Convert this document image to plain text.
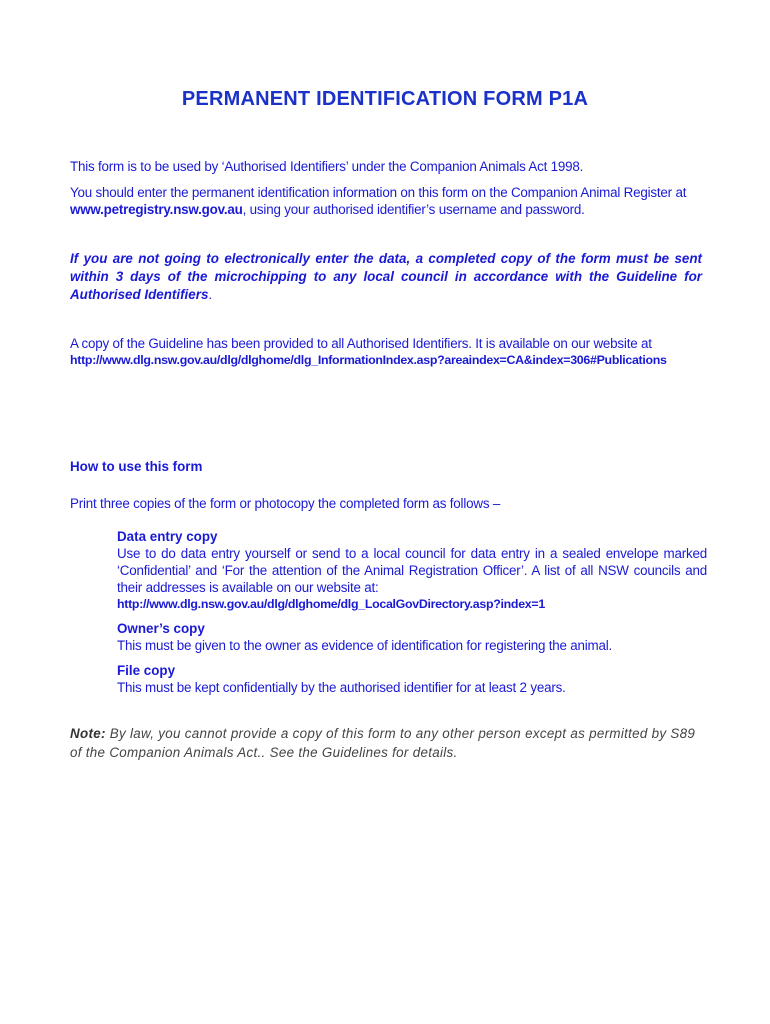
PERMANENT IDENTIFICATION FORM P1A
This form is to be used by ‘Authorised Identifiers’ under the Companion Animals Act 1998.
You should enter the permanent identification information on this form on the Companion Animal Register at www.petregistry.nsw.gov.au, using your authorised identifier’s username and password.
If you are not going to electronically enter the data, a completed copy of the form must be sent within 3 days of the microchipping to any local council in accordance with the Guideline for Authorised Identifiers.
A copy of the Guideline has been provided to all Authorised Identifiers. It is available on our website at
http://www.dlg.nsw.gov.au/dlg/dlghome/dlg_InformationIndex.asp?areaindex=CA&index=306#Publications
How to use this form
Print three copies of the form or photocopy the completed form as follows –
Data entry copy
Use to do data entry yourself or send to a local council for data entry in a sealed envelope marked ‘Confidential’ and ‘For the attention of the Animal Registration Officer’. A list of all NSW councils and their addresses is available on our website at:
http://www.dlg.nsw.gov.au/dlg/dlghome/dlg_LocalGovDirectory.asp?index=1
Owner’s copy
This must be given to the owner as evidence of identification for registering the animal.
File copy
This must be kept confidentially by the authorised identifier for at least 2 years.
Note: By law, you cannot provide a copy of this form to any other person except as permitted by S89 of the Companion Animals Act.. See the Guidelines for details.
